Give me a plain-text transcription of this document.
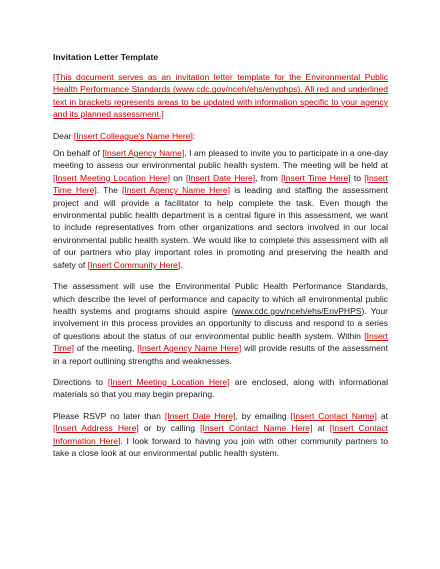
Invitation Letter Template

[This document serves as an invitation letter template for the Environmental Public Health Performance Standards (www.cdc.gov/nceh/ehs/envphps). All red and underlined text in brackets represents areas to be updated with information specific to your agency and its planned assessment.]

Dear [Insert Colleague's Name Here]:

On behalf of [Insert Agency Name], I am pleased to invite you to participate in a one-day meeting to assess our environmental public health system. The meeting will be held at [Insert Meeting Location Here] on [Insert Date Here], from [Insert Time Here] to [Insert Time Here]. The [Insert Agency Name Here] is leading and staffing the assessment project and will provide a facilitator to help complete the task. Even though the environmental public health department is a central figure in this assessment, we want to include representatives from other organizations and sectors involved in our local environmental public health system. We would like to complete this assessment with all of our partners who play important roles in promoting and preserving the health and safety of [Insert Community Here].

The assessment will use the Environmental Public Health Performance Standards, which describe the level of performance and capacity to which all environmental public health systems and programs should aspire (www.cdc.gov/nceh/ehs/EnvPHPS). Your involvement in this process provides an opportunity to discuss and respond to a series of questions about the status of our environmental public health system. Within [Insert Time] of the meeting, [Insert Agency Name Here] will provide results of the assessment in a report outlining strengths and weaknesses.

Directions to [Insert Meeting Location Here] are enclosed, along with informational materials so that you may begin preparing.

Please RSVP no later than [Insert Date Here], by emailing [Insert Contact Name] at [Insert Address Here] or by calling [Insert Contact Name Here] at [Insert Contact Information Here]. I look forward to having you join with other community partners to take a close look at our environmental public health system.
